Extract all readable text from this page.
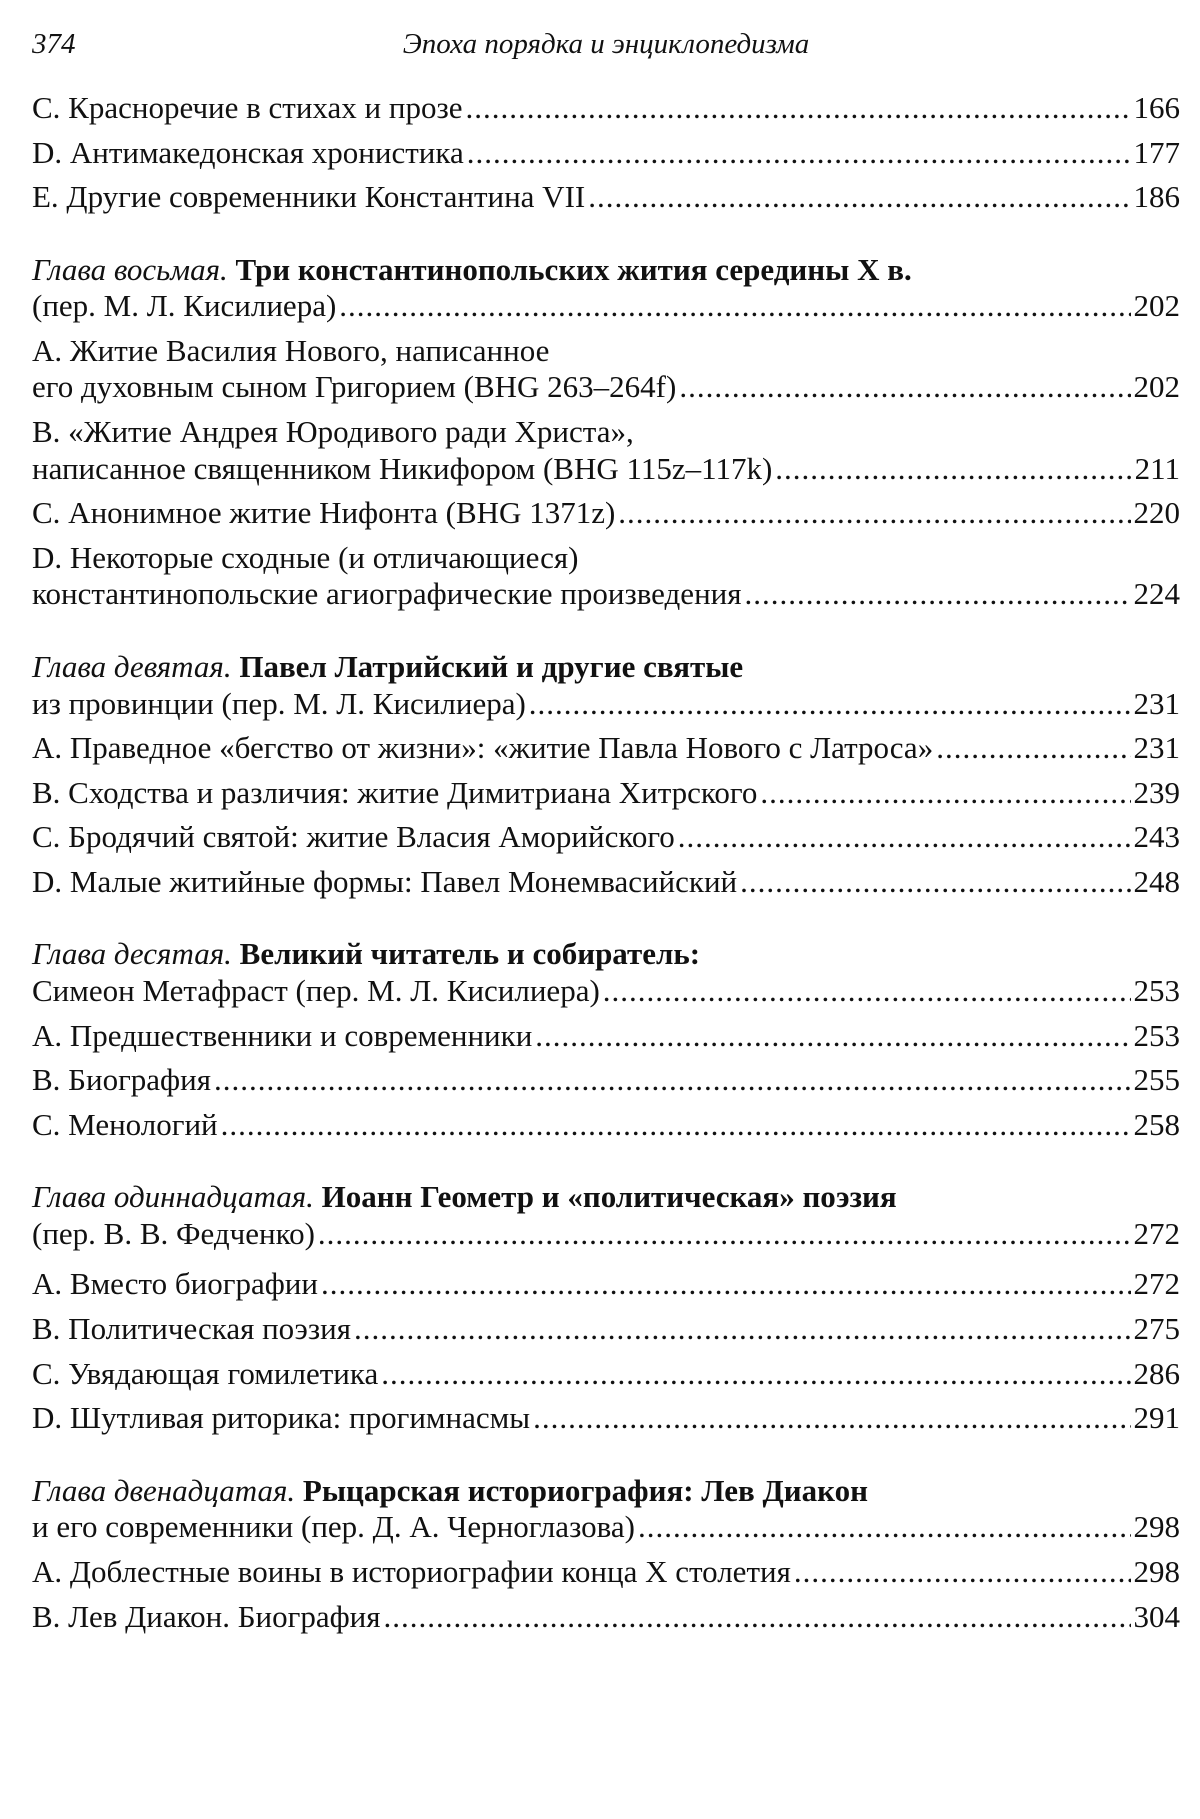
374	Эпоха порядка и энциклопедизма
C. Красноречие в стихах и прозе .....	166
D. Антимакедонская хронистика .....	177
E. Другие современники Константина VII .....	186
Глава восьмая. Три константинопольских жития середины X в.
(пер. М. Л. Кисилиера) .....	202
A. Житие Василия Нового, написанное
его духовным сыном Григорием (BHG 263–264f) .....	202
B. «Житие Андрея Юродивого ради Христа»,
написанное священником Никифором (BHG 115z–117k) .....	211
C. Анонимное житие Нифонта (BHG 1371z) .....	220
D. Некоторые сходные (и отличающиеся)
константинопольские агиографические произведения .....	224
Глава девятая. Павел Латрийский и другие святые
из провинции (пер. М. Л. Кисилиера) .....	231
A. Праведное «бегство от жизни»: «житие Павла Нового с Латроса» .....	231
B. Сходства и различия: житие Димитриана Хитрского .....	239
C. Бродячий святой: житие Власия Аморийского .....	243
D. Малые житийные формы: Павел Монемвасийский .....	248
Глава десятая. Великий читатель и собиратель:
Симеон Метафраст (пер. М. Л. Кисилиера) .....	253
A. Предшественники и современники .....	253
B. Биография .....	255
C. Менологий .....	258
Глава одиннадцатая. Иоанн Геометр и «политическая» поэзия
(пер. В. В. Федченко) .....	272
A. Вместо биографии .....	272
B. Политическая поэзия .....	275
C. Увядающая гомилетика .....	286
D. Шутливая риторика: прогимнасмы .....	291
Глава двенадцатая. Рыцарская историография: Лев Диакон
и его современники (пер. Д. А. Черноглазова) .....	298
A. Доблестные воины в историографии конца X столетия .....	298
B. Лев Диакон. Биография .....	304
